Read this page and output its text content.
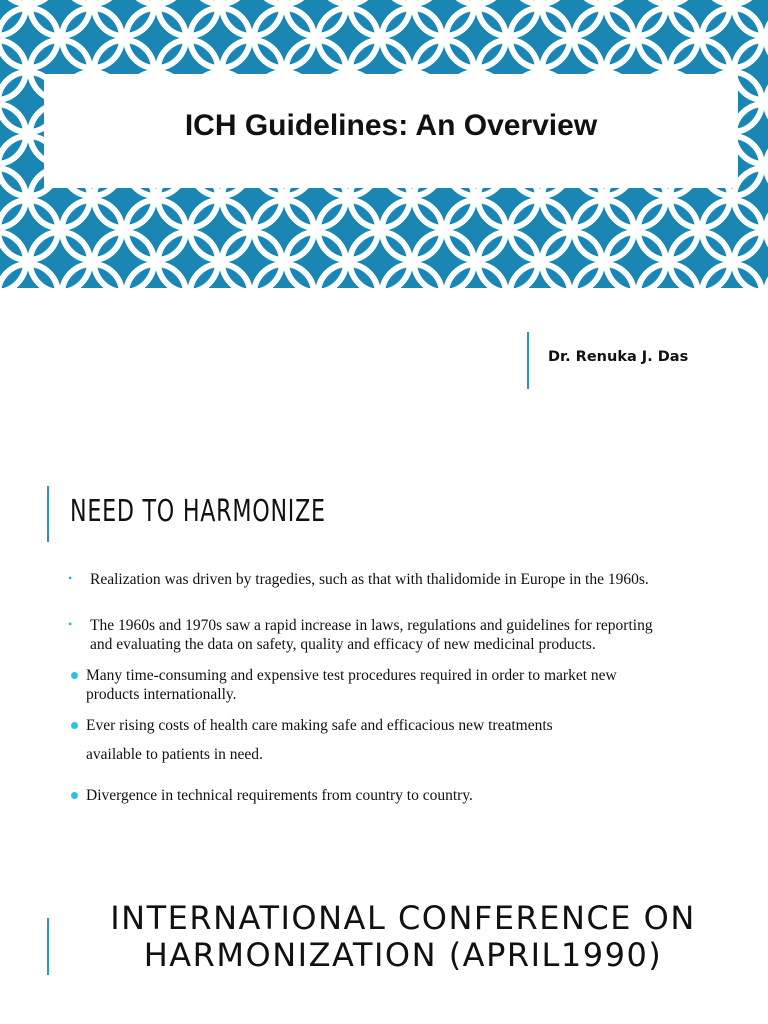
ICH Guidelines: An Overview
Dr. Renuka J. Das
NEED TO HARMONIZE
• Realization was driven by tragedies, such as that with thalidomide in Europe in the 1960s.
• The 1960s and 1970s saw a rapid increase in laws, regulations and guidelines for reporting
and evaluating the data on safety, quality and efficacy of new medicinal products.
Many time-consuming and expensive test procedures required in order to market new
products internationally.
Ever rising costs of health care making safe and efficacious new treatments
available to patients in need.
Divergence in technical requirements from country to country.
INTERNATIONAL CONFERENCE ON
HARMONIZATION (APRIL1990)
